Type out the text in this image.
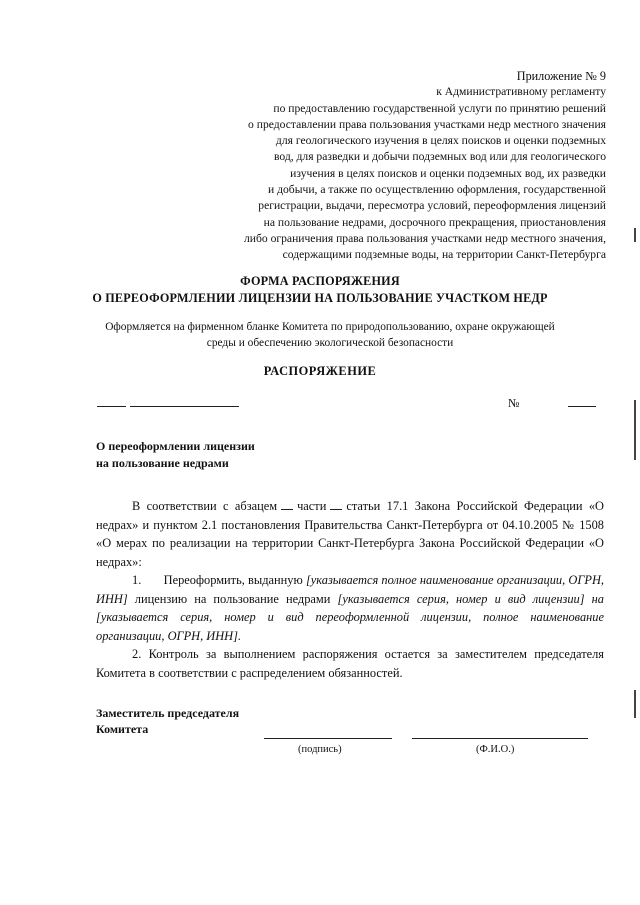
Приложение № 9
к Административному регламенту
по предоставлению государственной услуги по принятию решений
о предоставлении права пользования участками недр местного значения
для геологического изучения в целях поисков и оценки подземных
вод, для разведки и добычи подземных вод или для геологического
изучения в целях поисков и оценки подземных вод, их разведки
и добычи, а также по осуществлению оформления, государственной
регистрации, выдачи, пересмотра условий, переоформления лицензий
на пользование недрами, досрочного прекращения, приостановления
либо ограничения права пользования участками недр местного значения,
содержащими подземные воды, на территории Санкт-Петербурга
ФОРМА РАСПОРЯЖЕНИЯ
О ПЕРЕОФОРМЛЕНИИ ЛИЦЕНЗИИ НА ПОЛЬЗОВАНИЕ УЧАСТКОМ НЕДР
Оформляется на фирменном бланке Комитета по природопользованию, охране окружающей
среды и обеспечению экологической безопасности
РАСПОРЯЖЕНИЕ
№
О переоформлении лицензии
на пользование недрами

В соответствии с абзацем части статьи 17.1 Закона Российской Федерации «О недрах» и пунктом 2.1 постановления Правительства Санкт-Петербурга от 04.10.2005 № 1508 «О мерах по реализации на территории Санкт-Петербурга Закона Российской Федерации «О недрах»:

1. Переоформить, выданную [указывается полное наименование организации, ОГРН, ИНН] лицензию на пользование недрами [указывается серия, номер и вид лицензии] на [указывается серия, номер и вид переоформленной лицензии, полное наименование организации, ОГРН, ИНН].

2. Контроль за выполнением распоряжения остается за заместителем председателя Комитета в соответствии с распределением обязанностей.

Заместитель председателя
Комитета
(подпись)	(Ф.И.О.)
